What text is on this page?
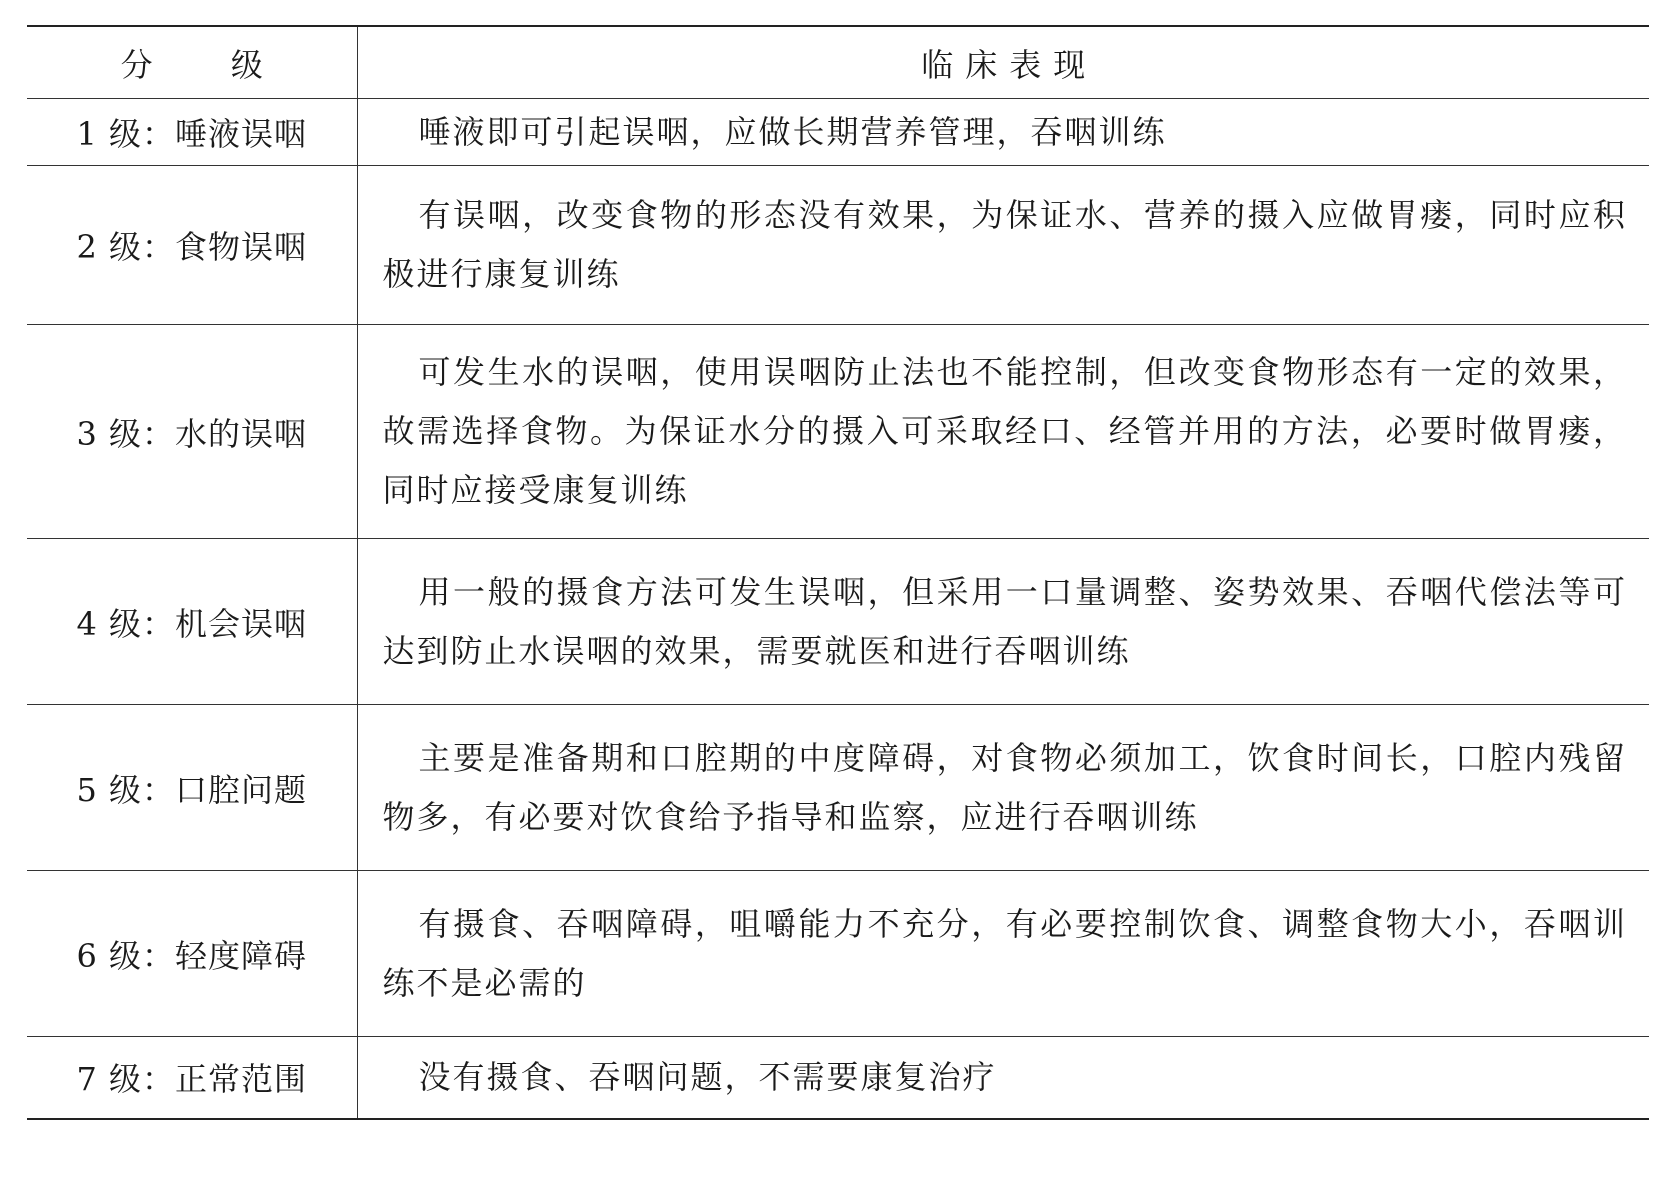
分 级	临床表现
1 级：唾液误咽	唾液即可引起误咽，应做长期营养管理，吞咽训练

2 级：食物误咽	有误咽，改变食物的形态没有效果，为保证水、营养的摄入应做胃瘘，同时应积极进行康复训练

3 级：水的误咽	可发生水的误咽，使用误咽防止法也不能控制，但改变食物形态有一定的效果，故需选择食物。为保证水分的摄入可采取经口、经管并用的方法，必要时做胃瘘，同时应接受康复训练

4 级：机会误咽	用一般的摄食方法可发生误咽，但采用一口量调整、姿势效果、吞咽代偿法等可达到防止水误咽的效果，需要就医和进行吞咽训练

5 级：口腔问题	主要是准备期和口腔期的中度障碍，对食物必须加工，饮食时间长，口腔内残留物多，有必要对饮食给予指导和监察，应进行吞咽训练

6 级：轻度障碍	有摄食、吞咽障碍，咀嚼能力不充分，有必要控制饮食、调整食物大小，吞咽训练不是必需的

7 级：正常范围	没有摄食、吞咽问题，不需要康复治疗
